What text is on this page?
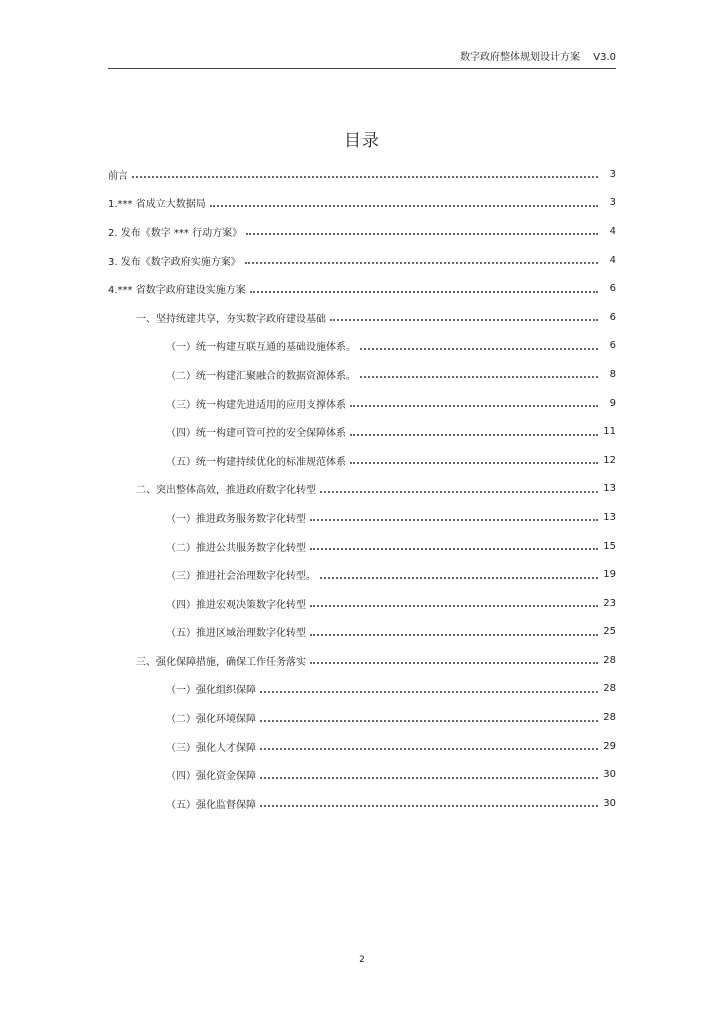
数字政府整体规划设计方案 V3.0
目录
前言	3
1.*** 省成立大数据局	3
2. 发布《数字 *** 行动方案》	4
3. 发布《数字政府实施方案》	4
4.*** 省数字政府建设实施方案	6
一、坚持统建共享，夯实数字政府建设基础	6
（一）统一构建互联互通的基础设施体系。	6
（二）统一构建汇聚融合的数据资源体系。	8
（三）统一构建先进适用的应用支撑体系	9
（四）统一构建可管可控的安全保障体系	11
（五）统一构建持续优化的标准规范体系	12
二、突出整体高效，推进政府数字化转型	13
（一）推进政务服务数字化转型	13
（二）推进公共服务数字化转型	15
（三）推进社会治理数字化转型。	19
（四）推进宏观决策数字化转型	23
（五）推进区域治理数字化转型	25
三、强化保障措施，确保工作任务落实	28
（一）强化组织保障	28
（二）强化环境保障	28
（三）强化人才保障	29
（四）强化资金保障	30
（五）强化监督保障	30
2
